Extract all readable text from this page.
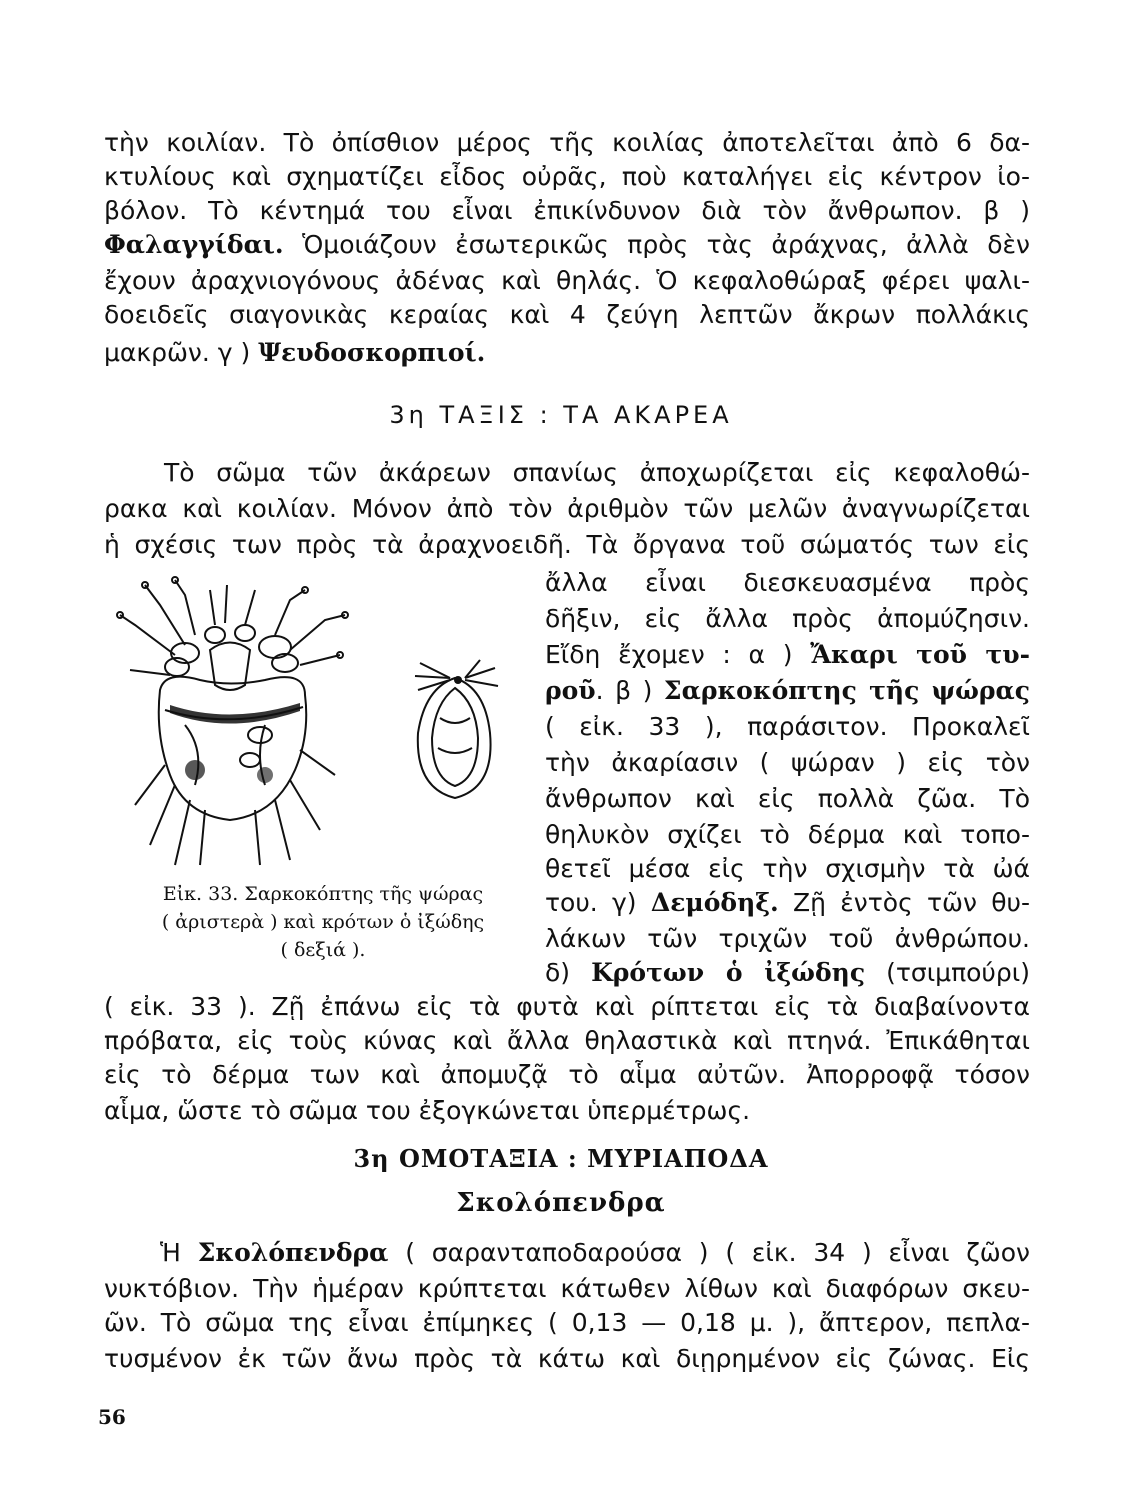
τὴν κοιλίαν. Τὸ ὀπίσθιον μέρος τῆς κοιλίας ἀποτελεῖται ἀπὸ 6 δα-
κτυλίους καὶ σχηματίζει εἶδος οὐρᾶς, ποὺ καταλήγει εἰς κέντρον ἰο-
βόλον. Τὸ κέντημά του εἶναι ἐπικίνδυνον διὰ τὸν ἄνθρωπον. β )
Φαλαγγίδαι. Ὁμοιάζουν ἐσωτερικῶς πρὸς τὰς ἀράχνας, ἀλλὰ δὲν
ἔχουν ἀραχνιογόνους ἀδένας καὶ θηλάς. Ὁ κεφαλοθώραξ φέρει ψαλι-
δοειδεῖς σιαγονικὰς κεραίας καὶ 4 ζεύγη λεπτῶν ἄκρων πολλάκις
μακρῶν. γ ) Ψευδοσκορπιοί.
3η ΤΑΞΙΣ : ΤΑ ΑΚΑΡΕΑ
Τὸ σῶμα τῶν ἀκάρεων σπανίως ἀποχωρίζεται εἰς κεφαλοθώ-
ρακα καὶ κοιλίαν. Μόνον ἀπὸ τὸν ἀριθμὸν τῶν μελῶν ἀναγνωρίζεται
ἡ σχέσις των πρὸς τὰ ἀραχνοειδῆ. Τὰ ὄργανα τοῦ σώματός των εἰς
ἄλλα εἶναι διεσκευασμένα πρὸς
δῆξιν, εἰς ἄλλα πρὸς ἀπομύζησιν.
Εἴδη ἔχομεν : α ) Ἄκαρι τοῦ τυ-
ροῦ. β ) Σαρκοκόπτης τῆς ψώρας
( εἰκ. 33 ), παράσιτον. Προκαλεῖ
τὴν ἀκαρίασιν ( ψώραν ) εἰς τὸν
ἄνθρωπον καὶ εἰς πολλὰ ζῶα. Τὸ
θηλυκὸν σχίζει τὸ δέρμα καὶ τοπο-
θετεῖ μέσα εἰς τὴν σχισμὴν τὰ ὠά
του. γ) Δεμόδηξ. Ζῇ ἐντὸς τῶν θυ-
λάκων τῶν τριχῶν τοῦ ἀνθρώπου.
δ) Κρότων ὁ ἰξώδης (τσιμπούρι)
( εἰκ. 33 ). Ζῇ ἐπάνω εἰς τὰ φυτὰ καὶ ρίπτεται εἰς τὰ διαβαίνοντα
πρόβατα, εἰς τοὺς κύνας καὶ ἄλλα θηλαστικὰ καὶ πτηνά. Ἐπικάθηται
εἰς τὸ δέρμα των καὶ ἀπομυζᾷ τὸ αἷμα αὐτῶν. Ἀπορροφᾷ τόσον
αἷμα, ὥστε τὸ σῶμα του ἐξογκώνεται ὑπερμέτρως.
Εἰκ. 33. Σαρκοκόπτης τῆς ψώρας
( ἀριστερὰ ) καὶ κρότων ὁ ἰξώδης
( δεξιά ).
3η ΟΜΟΤΑΞΙΑ : ΜΥΡΙΑΠΟΔΑ
Σκολόπενδρα
Ἡ Σκολόπενδρα ( σαρανταποδαρούσα ) ( εἰκ. 34 ) εἶναι ζῶον
νυκτόβιον. Τὴν ἡμέραν κρύπτεται κάτωθεν λίθων καὶ διαφόρων σκευ-
ῶν. Τὸ σῶμα της εἶναι ἐπίμηκες ( 0,13 — 0,18 μ. ), ἄπτερον, πεπλα-
τυσμένον ἐκ τῶν ἄνω πρὸς τὰ κάτω καὶ διῃρημένον εἰς ζώνας. Εἰς
56
